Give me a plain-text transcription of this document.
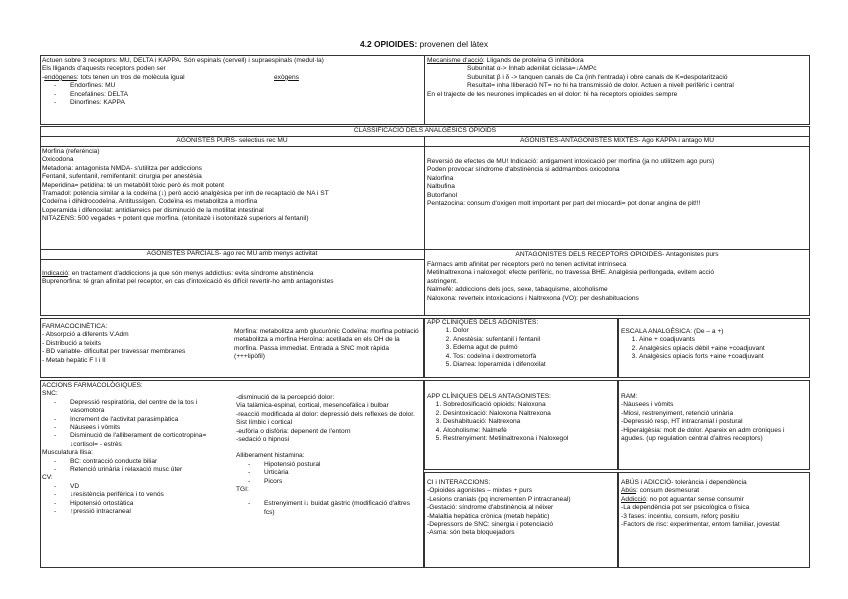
4.2 OPIOIDES: provenen del làtex
Actuen sobre 3 receptors: MU, DELTA i KAPPA. Són espinals (cervell) i supraespinals (medul·la)
Els lligands d'aquests receptors poden ser
-endògenes: tots tenen un tros de molècula igual	exògens
- Endorfines: MU
- Encefalines: DELTA
- Dinorfines: KAPPA
Mecanisme d'acció: Lligands de proteïna G inhibidora
Subunitat α-> Inhab adenilat ciclasa=↓AMPc
Subunitat β i δ -> tanquen canals de Ca (inh l'entrada) i obre canals de K=despolarització
Resultat= inha lliberació NT= no hi ha transmissió de dolor. Actuen a nivell perifèric i central
En el trajecte de les neurones implicades en el dolor: hi ha receptors opioides sempre
CLASSIFICACIÓ DELS ANALGÈSICS OPIOIDS
AGONISTES PURS- selectius rec MU
Morfina (referència)
Oxicodona
Metadona: antagonista NMDA- s'utilitza per addiccions
Fentanil, sufentanil, remifentanil: cirurgia per anestèsia
Meperidina= petidina: té un metabòlit tòxic però és molt potent
Tramadol: potència similar a la codeïna (↓) però acció analgèsica per inh de recaptació de NA i ST
Codeïna i dihidrocodeïna. Antitussígen. Codeïna es metabolitza a morfina
Loperamida i difenoxilat: antidiarreics per disminució de la motilitat intestinal
NITAZENS: 500 vegades + potent que morfina. (etonitazè i isotonitazè superiors al fentanil)
AGONISTES-ANTAGONISTES MIXTES- Ago KAPPA i antago MU
Reversió de efectes de MU! Indicació: antigament intoxicació per morfina (ja no utilitzem ago purs)
Poden provocar síndrome d'abstinència si addmambos oxicodona
Nalorfina
Nalbufina
Butorfanol
Pentazocina: consum d'oxigen molt important per part del miocardi= pot donar angina de pit!!!
AGONISTES PARCIALS- ago rec MU amb menys activitat
Indicació: en tractament d'addiccions ja que són menys addictius: evita síndrome abstinència
Buprenorfina: té gran afinitat pel receptor, en cas d'intoxicació és difícil revertir-ho amb antagonistes
ANTAGONISTES DELS RECEPTORS OPIOIDES- Antagonistes purs
Fàrmacs amb afinitat per receptors però no tenen activitat intrínseca
Metilnaltrexona i naloxegol: efecte perifèric, no travessa BHE. Analgèsia perllongada, evitem acció
astringent.
Nalmefè: addiccions dels jocs, sexe, tabaquisme, alcoholisme
Naloxona: reverteix intoxicacions i Naltrexona (VO): per deshabituacions
FARMACOCINÈTICA:
- Absorpció a diferents V.Adm
- Distribució a teixits
- BD variable- dificultat per travessar membranes
- Metab hepàtic F I i II
Morfina: metabolitza amb glucurònic Codeïna: morfina població metabolitza a morfina Heroïna: acetilada en els OH de la morfina. Passa immediat. Entrada a SNC molt ràpida (+++lipòfil)
APP CLÍNIQUES DELS AGONISTES:
1. Dolor
2. Anestèsia: sufentanil i fentanil
3. Edema agut de pulmó
4. Tos: codeïna i dextrometorfà
5. Diarrea: loperamida i difenoxilat
ESCALA ANALGÈSICA: (De – a +)
1. Aine + coadjuvants
2. Analgèsics opiacis dèbil +aine +coadjuvant
3. Analgèsics opiacis forts +aine +coadjuvant
ACCIONS FARMACOLÒGIQUES:
SNC:
- Depressió respiratòria, del centre de la tos i vasomotora
- Increment de l'activitat parasimpàtica
- Nàusees i vòmits
- Disminució de l'alliberament de corticotropina= ↓cortisol= - estrès
Musculatura llisa:
- BC: contracció conducte biliar
- Retenció urinària i relaxació musc úter
CV:
- VD
- ↓resistència perifèrica i to venós
- Hipotensió ortostàtica
- ↑pressió intracraneal
-disminució de la percepció dolor:
Via talàmica-espinal, cortical, mesencefàlica i bulbar
-reacció modificada al dolor: depressió dels reflexes de dolor. Sist límbic i cortical
-eufòria o disfòria: depenent de l'entorn
-sedació o hipnosi
Alliberament histamina:
- Hipotensió postural
- Urticària
- Picors
TGI:
- Estrenyiment i↓ buidat gàstric (modificació d'altres fcs)
APP CLÍNIQUES DELS ANTAGONISTES:
1. Sobredosificació opioids: Naloxona
2. Desintoxicació: Naloxona Naltrexona
3. Deshabituació: Naltrexona
4. Alcoholisme: Nalmefè
5. Restrenyiment: Metilnaltrexona i Naloxegol
RAM:
-Nàusees i vòmits
-Miosi, restrenyiment, retenció urinària
-Depressió resp, HT intracranial i postural
-Hiperalgèsia: molt de dolor. Apareix en adm cròniques i agudes. (up regulation central d'altres receptors)
CI i INTERACCIONS:
-Opioides agonistes – mixtes + purs
-Lesions cranials (pq incrementen P intracraneal)
-Gestació: síndrome d'abstinència al néixer
-Malaltia hepàtica crònica (metab hepàtic)
-Depressors de SNC: sinergia i potenciació
-Asma: són beta bloquejadors
ABÚS i ADICCIÓ- tolerància i dependència
Abús: consum desmesurat
Addicció: no pot aguantar sense consumir
-La dependència pot ser psicològica o física
-3 fases: incentiu, consum, reforç positiu
-Factors de risc: experimentar, entorn familiar, jovestat
